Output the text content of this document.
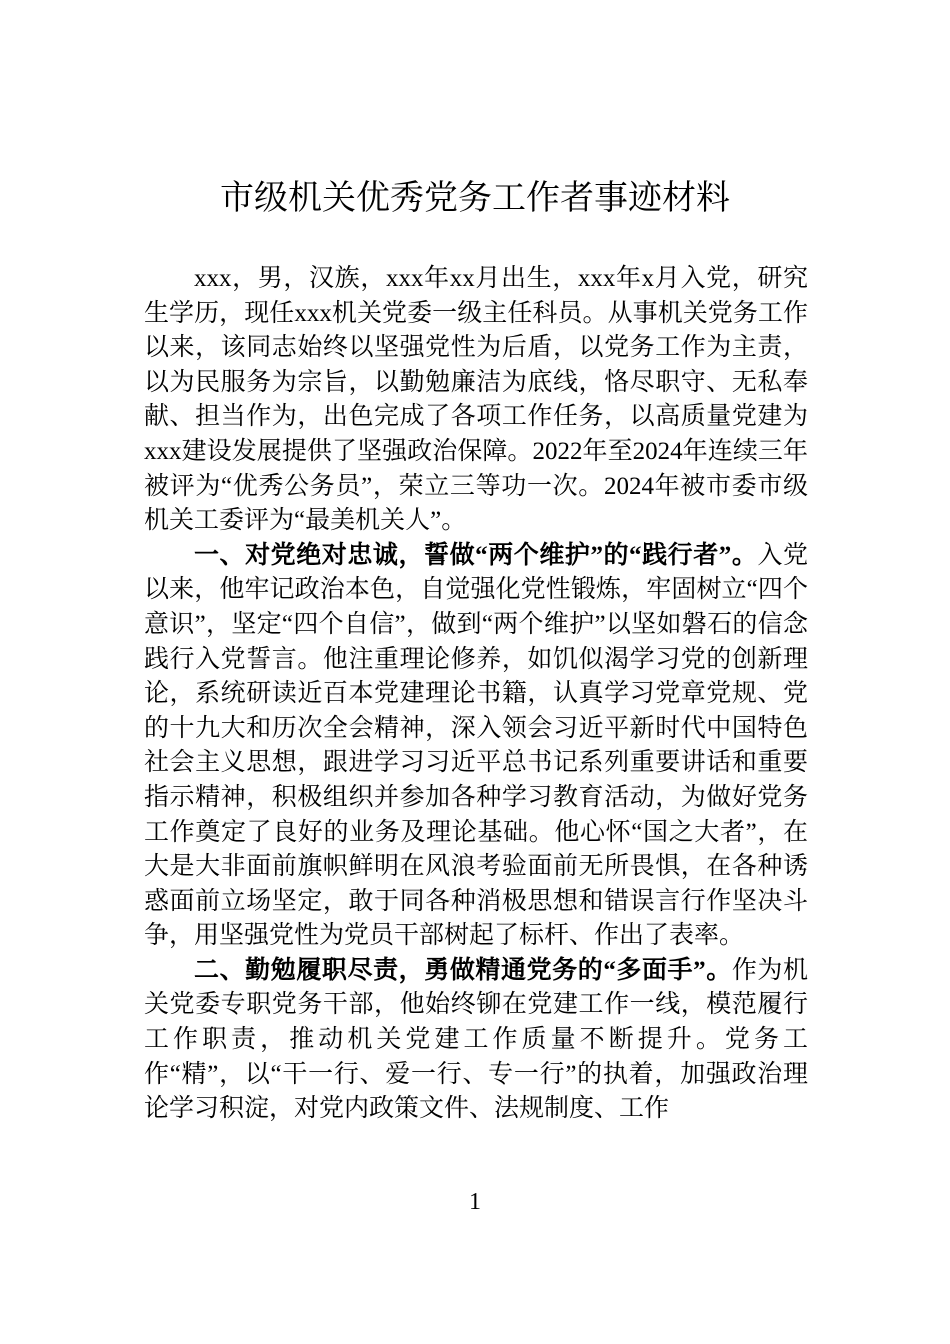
市级机关优秀党务工作者事迹材料

xxx，男，汉族，xxx年xx月出生，xxx年x月入党，研究生学历，现任xxx机关党委一级主任科员。从事机关党务工作以来，该同志始终以坚强党性为后盾，以党务工作为主责，以为民服务为宗旨，以勤勉廉洁为底线，恪尽职守、无私奉献、担当作为，出色完成了各项工作任务，以高质量党建为xxx建设发展提供了坚强政治保障。2022年至2024年连续三年被评为“优秀公务员”，荣立三等功一次。2024年被市委市级机关工委评为“最美机关人”。

一、对党绝对忠诚，誓做“两个维护”的“践行者”。入党以来，他牢记政治本色，自觉强化党性锻炼，牢固树立“四个意识”，坚定“四个自信”，做到“两个维护”以坚如磐石的信念践行入党誓言。他注重理论修养，如饥似渴学习党的创新理论，系统研读近百本党建理论书籍，认真学习党章党规、党的十九大和历次全会精神，深入领会习近平新时代中国特色社会主义思想，跟进学习习近平总书记系列重要讲话和重要指示精神，积极组织并参加各种学习教育活动，为做好党务工作奠定了良好的业务及理论基础。他心怀“国之大者”，在大是大非面前旗帜鲜明在风浪考验面前无所畏惧，在各种诱惑面前立场坚定，敢于同各种消极思想和错误言行作坚决斗争，用坚强党性为党员干部树起了标杆、作出了表率。

二、勤勉履职尽责，勇做精通党务的“多面手”。作为机关党委专职党务干部，他始终铆在党建工作一线，模范履行工作职责，推动机关党建工作质量不断提升。党务工作“精”，以“干一行、爱一行、专一行”的执着，加强政治理论学习积淀，对党内政策文件、法规制度、工作

1
